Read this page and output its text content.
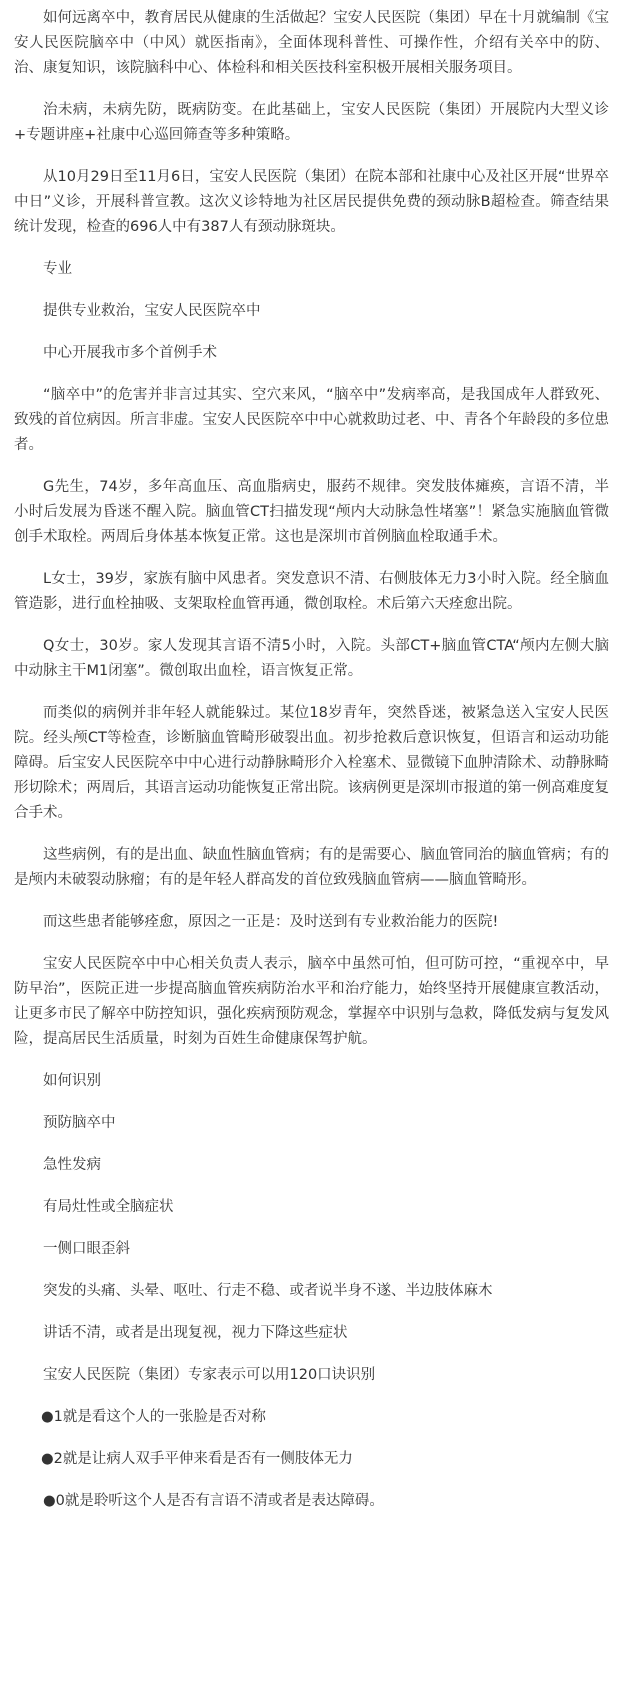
如何远离卒中，教育居民从健康的生活做起？宝安人民医院（集团）早在十月就编制《宝安人民医院脑卒中（中风）就医指南》，全面体现科普性、可操作性，介绍有关卒中的防、治、康复知识，该院脑科中心、体检科和相关医技科室积极开展相关服务项目。

治未病，未病先防，既病防变。在此基础上，宝安人民医院（集团）开展院内大型义诊+专题讲座+社康中心巡回筛查等多种策略。

从10月29日至11月6日，宝安人民医院（集团）在院本部和社康中心及社区开展“世界卒中日”义诊，开展科普宣教。这次义诊特地为社区居民提供免费的颈动脉B超检查。筛查结果统计发现，检查的696人中有387人有颈动脉斑块。

专业

提供专业救治，宝安人民医院卒中

中心开展我市多个首例手术

“脑卒中”的危害并非言过其实、空穴来风，“脑卒中”发病率高，是我国成年人群致死、致残的首位病因。所言非虚。宝安人民医院卒中中心就救助过老、中、青各个年龄段的多位患者。

G先生，74岁，多年高血压、高血脂病史，服药不规律。突发肢体瘫痪，言语不清，半小时后发展为昏迷不醒入院。脑血管CT扫描发现“颅内大动脉急性堵塞”！紧急实施脑血管微创手术取栓。两周后身体基本恢复正常。这也是深圳市首例脑血栓取通手术。

L女士，39岁，家族有脑中风患者。突发意识不清、右侧肢体无力3小时入院。经全脑血管造影，进行血栓抽吸、支架取栓血管再通，微创取栓。术后第六天痊愈出院。

Q女士，30岁。家人发现其言语不清5小时，入院。头部CT+脑血管CTA“颅内左侧大脑中动脉主干M1闭塞”。微创取出血栓，语言恢复正常。

而类似的病例并非年轻人就能躲过。某位18岁青年，突然昏迷，被紧急送入宝安人民医院。经头颅CT等检查，诊断脑血管畸形破裂出血。初步抢救后意识恢复，但语言和运动功能障碍。后宝安人民医院卒中中心进行动静脉畸形介入栓塞术、显微镜下血肿清除术、动静脉畸形切除术；两周后，其语言运动功能恢复正常出院。该病例更是深圳市报道的第一例高难度复合手术。

这些病例，有的是出血、缺血性脑血管病；有的是需要心、脑血管同治的脑血管病；有的是颅内未破裂动脉瘤；有的是年轻人群高发的首位致残脑血管病——脑血管畸形。

而这些患者能够痊愈，原因之一正是：及时送到有专业救治能力的医院!

宝安人民医院卒中中心相关负责人表示，脑卒中虽然可怕，但可防可控，“重视卒中，早防早治”，医院正进一步提高脑血管疾病防治水平和治疗能力，始终坚持开展健康宣教活动，让更多市民了解卒中防控知识，强化疾病预防观念，掌握卒中识别与急救，降低发病与复发风险，提高居民生活质量，时刻为百姓生命健康保驾护航。

如何识别

预防脑卒中

急性发病

有局灶性或全脑症状

一侧口眼歪斜

突发的头痛、头晕、呕吐、行走不稳、或者说半身不遂、半边肢体麻木

讲话不清，或者是出现复视，视力下降这些症状

宝安人民医院（集团）专家表示可以用120口诀识别

●1就是看这个人的一张脸是否对称

●2就是让病人双手平伸来看是否有一侧肢体无力

●0就是聆听这个人是否有言语不清或者是表达障碍。
